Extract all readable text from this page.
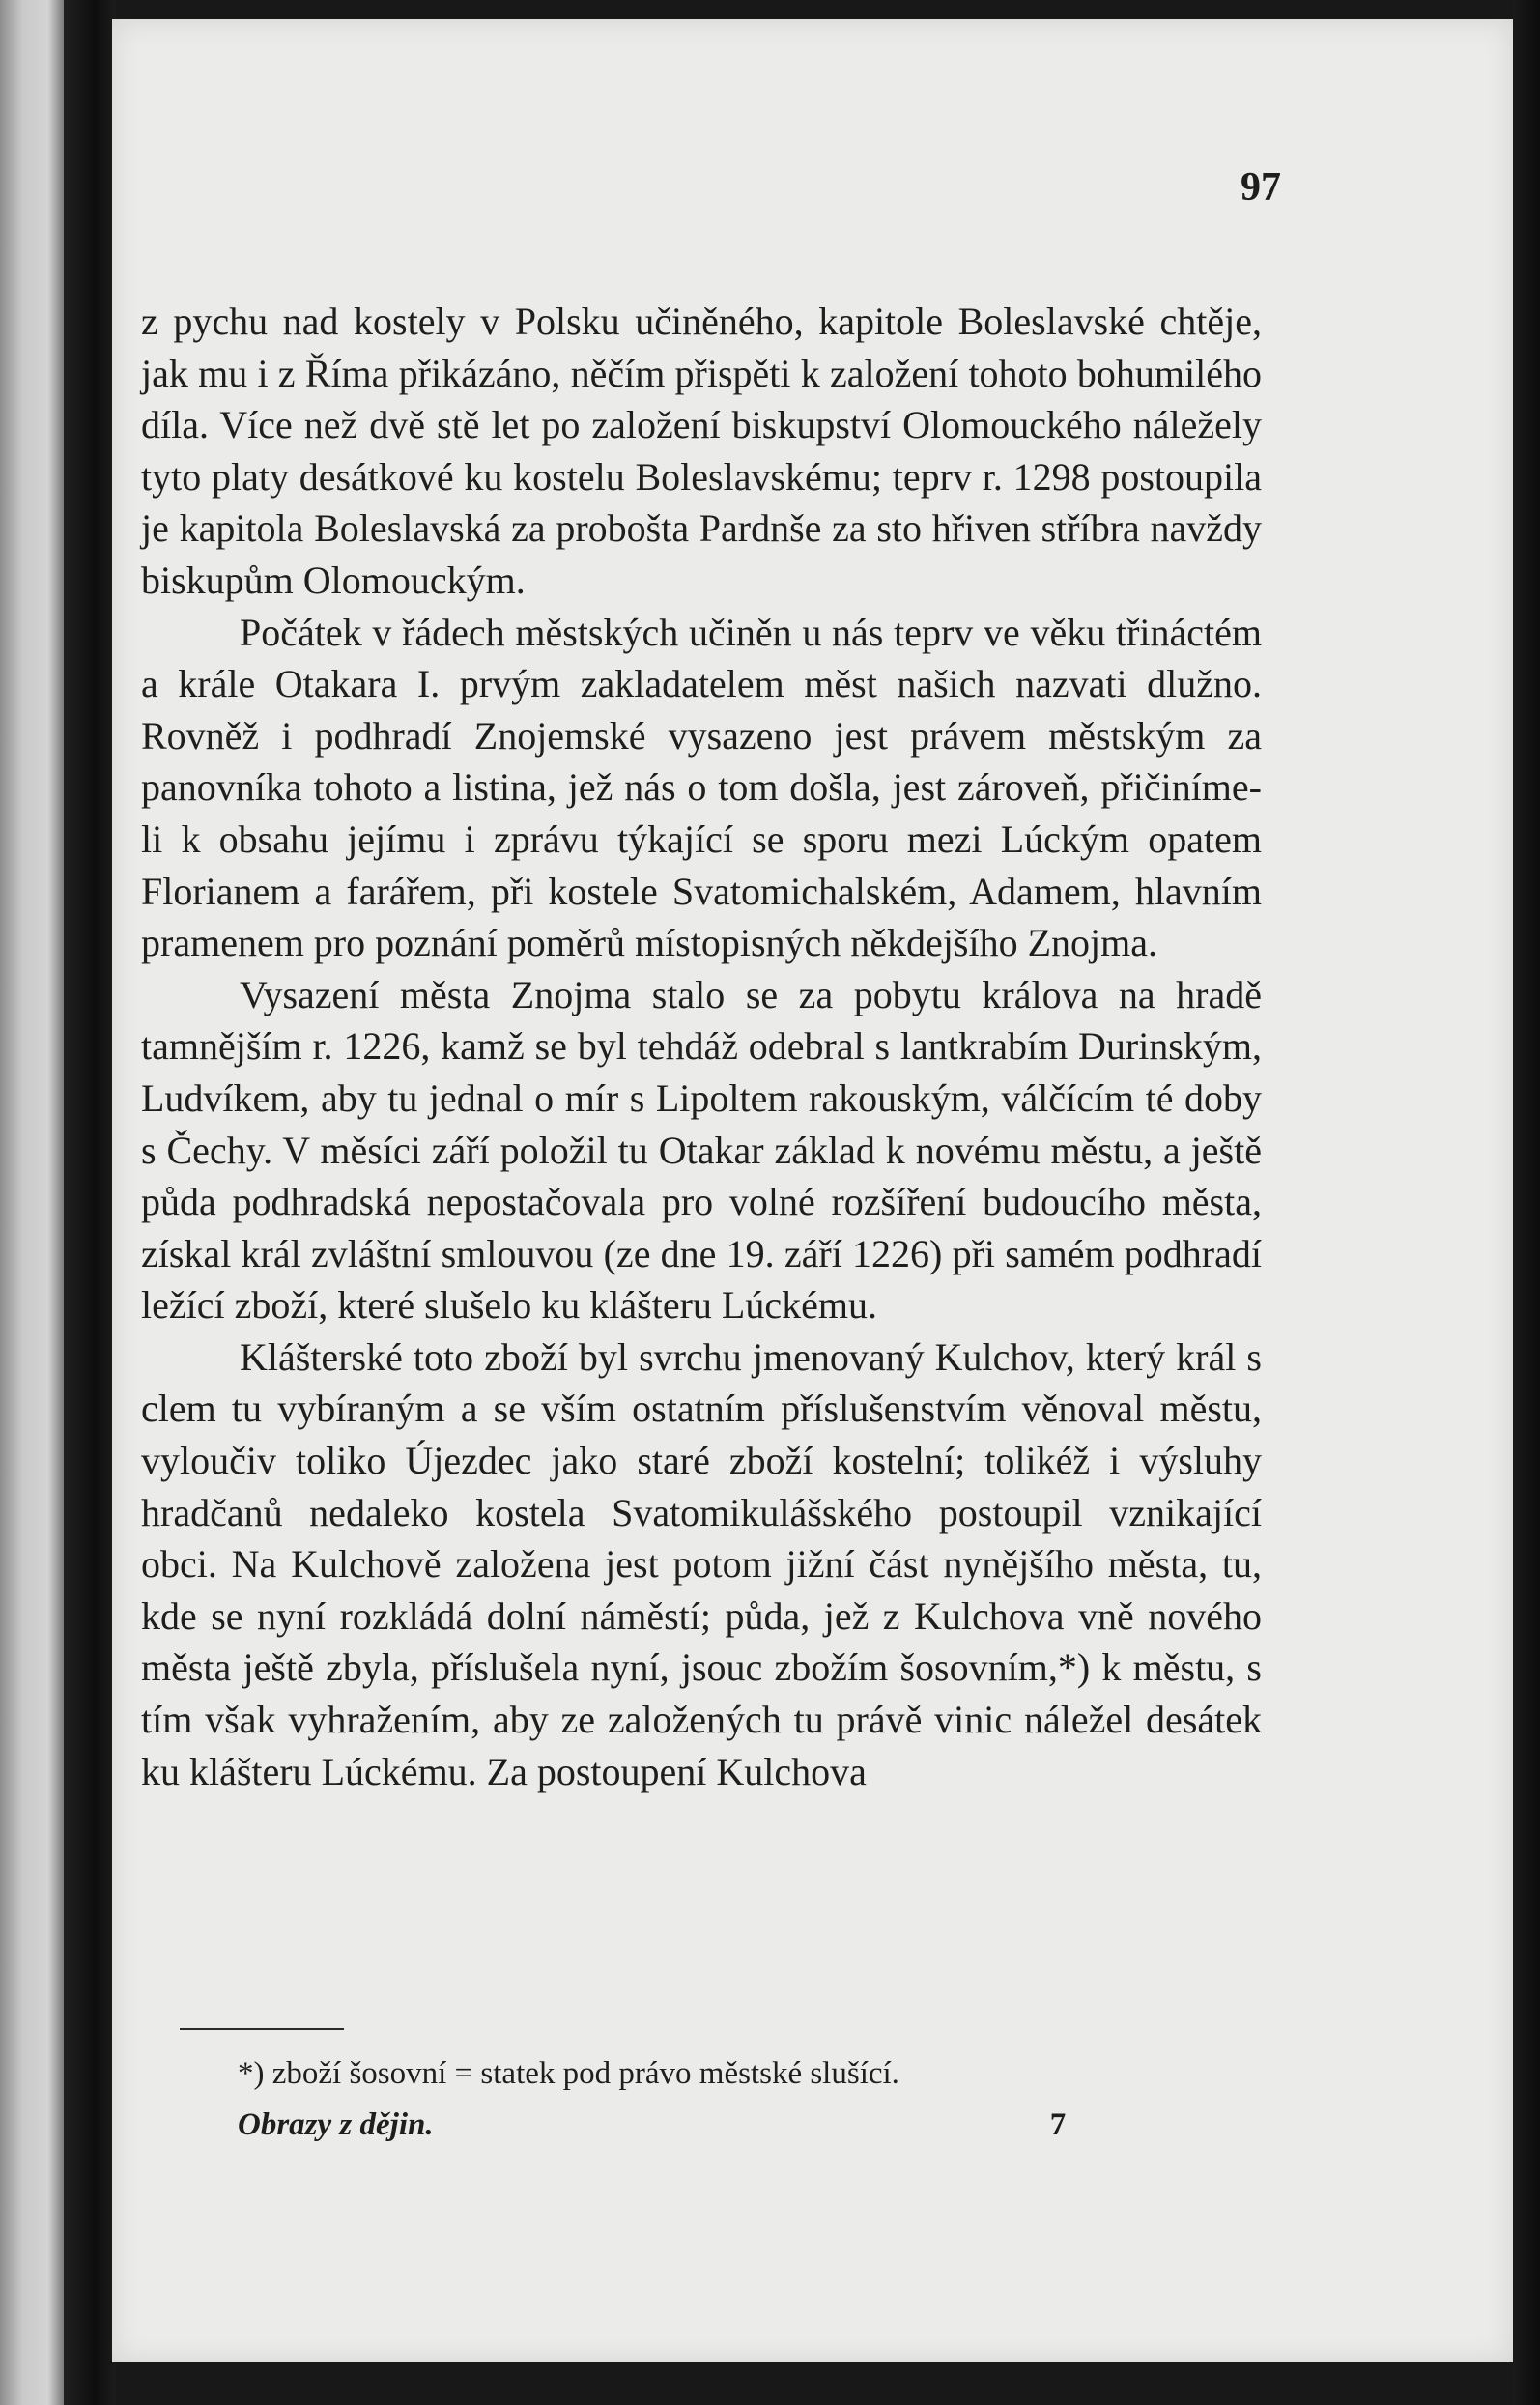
97

z pychu nad kostely v Polsku učiněného, kapitole Boleslavské chtěje, jak mu i z Říma přikázáno, něčím přispěti k založení tohoto bohumilého díla. Více než dvě stě let po založení biskupství Olomouckého náležely tyto platy desátkové ku kostelu Boleslavskému; teprv r. 1298 postoupila je kapitola Boleslavská za probošta Pardnše za sto hřiven stříbra navždy biskupům Olomouckým.

Počátek v řádech městských učiněn u nás teprv ve věku třináctém a krále Otakara I. prvým zakladatelem měst našich nazvati dlužno. Rovněž i podhradí Znojemské vysazeno jest právem městským za panovníka tohoto a listina, jež nás o tom došla, jest zároveň, přičiníme-li k obsahu jejímu i zprávu týkající se sporu mezi Lúckým opatem Florianem a farářem, při kostele Svatomichalském, Adamem, hlavním pramenem pro poznání poměrů místopisných někdejšího Znojma.

Vysazení města Znojma stalo se za pobytu králova na hradě tamnějším r. 1226, kamž se byl tehdáž odebral s lantkrabím Durinským, Ludvíkem, aby tu jednal o mír s Lipoltem rakouským, válčícím té doby s Čechy. V měsíci září položil tu Otakar základ k novému městu, a ještě půda podhradská nepostačovala pro volné rozšíření budoucího města, získal král zvláštní smlouvou (ze dne 19. září 1226) při samém podhradí ležící zboží, které slušelo ku klášteru Lúckému.

Klášterské toto zboží byl svrchu jmenovaný Kulchov, který král s clem tu vybíraným a se vším ostatním příslušenstvím věnoval městu, vyloučiv toliko Újezdec jako staré zboží kostelní; tolikéž i výsluhy hradčanů nedaleko kostela Svatomikulášského postoupil vznikající obci. Na Kulchově založena jest potom jižní část nynějšího města, tu, kde se nyní rozkládá dolní náměstí; půda, jež z Kulchova vně nového města ještě zbyla, příslušela nyní, jsouc zbožím šosovním,*) k městu, s tím však vyhražením, aby ze založených tu právě vinic náležel desátek ku klášteru Lúckému. Za postoupení Kulchova

*) zboží šosovní = statek pod právo městské slušící.
Obrazy z dějin.	7
